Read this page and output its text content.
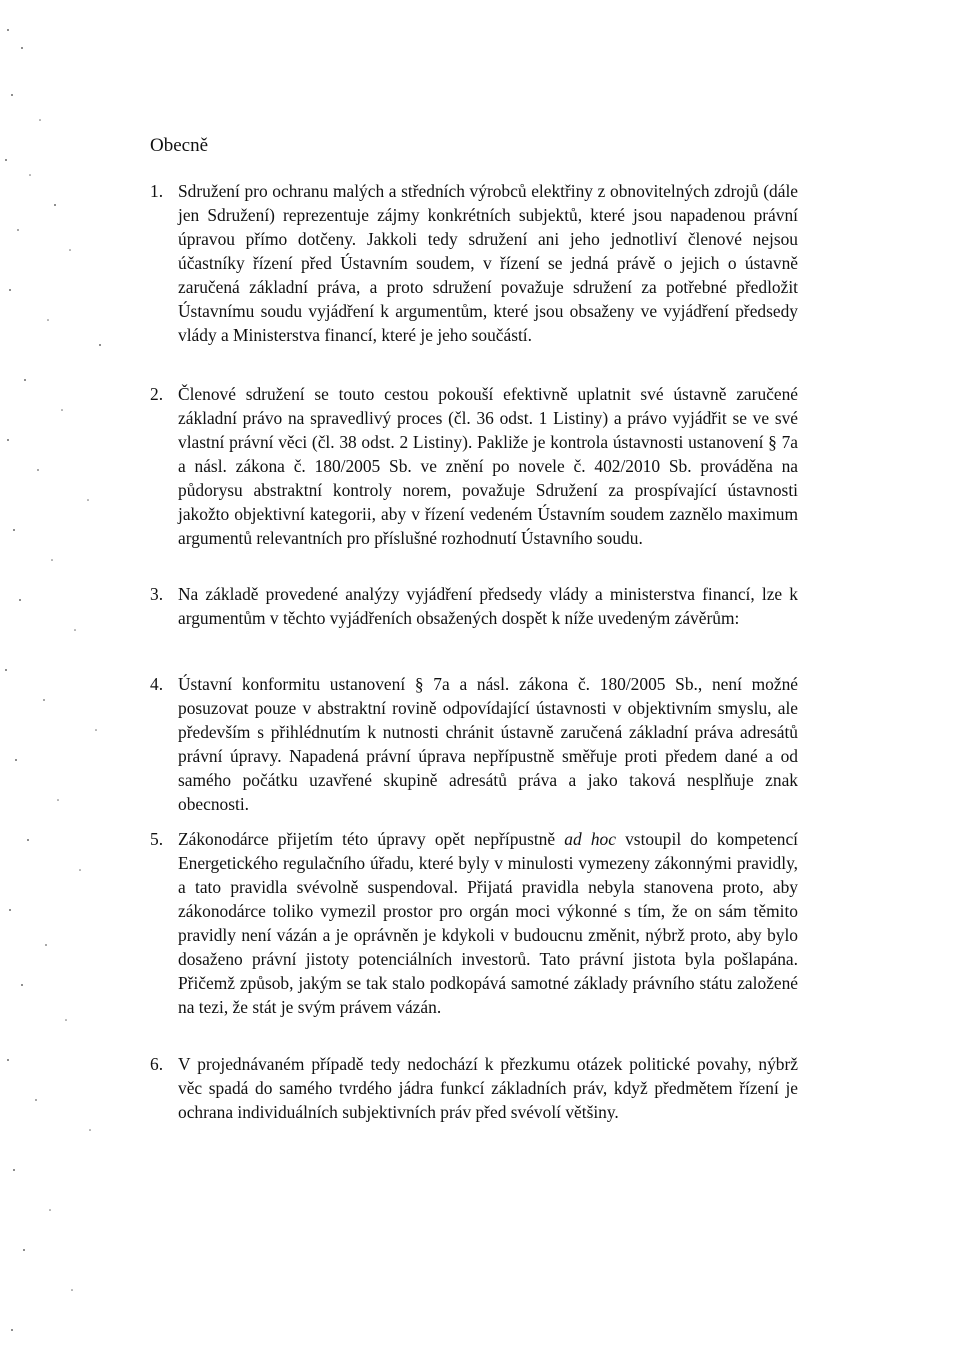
Obecně
1. Sdružení pro ochranu malých a středních výrobců elektřiny z obnovitelných zdrojů (dále jen Sdružení) reprezentuje zájmy konkrétních subjektů, které jsou napadenou právní úpravou přímo dotčeny. Jakkoli tedy sdružení ani jeho jednotliví členové nejsou účastníky řízení před Ústavním soudem, v řízení se jedná právě o jejich o ústavně zaručená základní práva, a proto sdružení považuje sdružení za potřebné předložit Ústavnímu soudu vyjádření k argumentům, které jsou obsaženy ve vyjádření předsedy vlády a Ministerstva financí, které je jeho součástí.
2. Členové sdružení se touto cestou pokouší efektivně uplatnit své ústavně zaručené základní právo na spravedlivý proces (čl. 36 odst. 1 Listiny) a právo vyjádřit se ve své vlastní právní věci (čl. 38 odst. 2 Listiny). Pakliže je kontrola ústavnosti ustanovení § 7a a násl. zákona č. 180/2005 Sb. ve znění po novele č. 402/2010 Sb. prováděna na půdorysu abstraktní kontroly norem, považuje Sdružení za prospívající ústavnosti jakožto objektivní kategorii, aby v řízení vedeném Ústavním soudem zaznělo maximum argumentů relevantních pro příslušné rozhodnutí Ústavního soudu.
3. Na základě provedené analýzy vyjádření předsedy vlády a ministerstva financí, lze k argumentům v těchto vyjádřeních obsažených dospět k níže uvedeným závěrům:
4. Ústavní konformitu ustanovení § 7a a násl. zákona č. 180/2005 Sb., není možné posuzovat pouze v abstraktní rovině odpovídající ústavnosti v objektivním smyslu, ale především s přihlédnutím k nutnosti chránit ústavně zaručená základní práva adresátů právní úpravy. Napadená právní úprava nepřípustně směřuje proti předem dané a od samého počátku uzavřené skupině adresátů práva a jako taková nesplňuje znak obecnosti.
5. Zákonodárce přijetím této úpravy opět nepřípustně ad hoc vstoupil do kompetencí Energetického regulačního úřadu, které byly v minulosti vymezeny zákonnými pravidly, a tato pravidla svévolně suspendoval. Přijatá pravidla nebyla stanovena proto, aby zákonodárce toliko vymezil prostor pro orgán moci výkonné s tím, že on sám těmito pravidly není vázán a je oprávněn je kdykoli v budoucnu změnit, nýbrž proto, aby bylo dosaženo právní jistoty potenciálních investorů. Tato právní jistota byla pošlapána. Přičemž způsob, jakým se tak stalo podkopává samotné základy právního státu založené na tezi, že stát je svým právem vázán.
6. V projednávaném případě tedy nedochází k přezkumu otázek politické povahy, nýbrž věc spadá do samého tvrdého jádra funkcí základních práv, když předmětem řízení je ochrana individuálních subjektivních práv před svévolí většiny.
